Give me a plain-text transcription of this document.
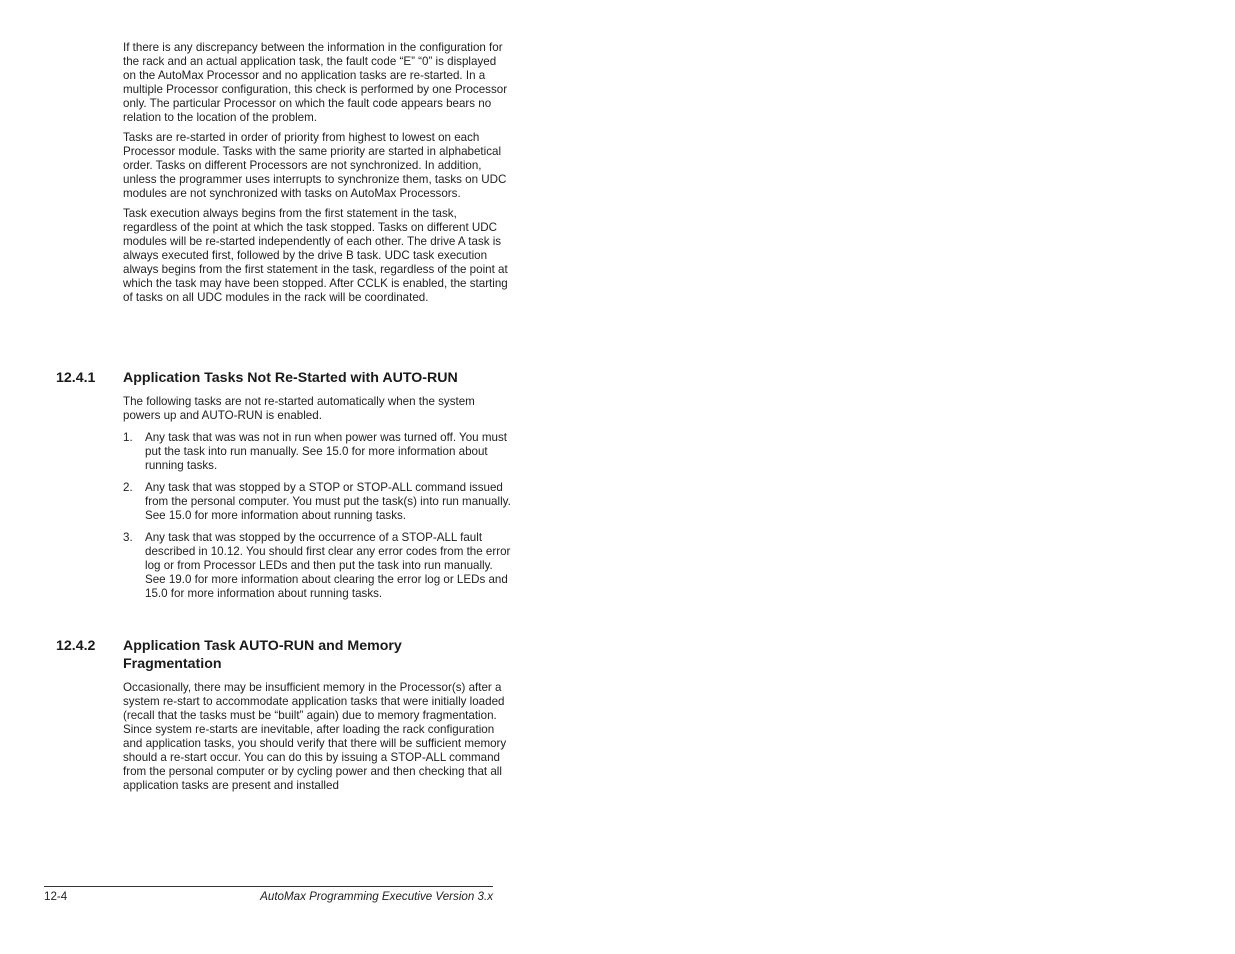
If there is any discrepancy between the information in the configuration for the rack and an actual application task, the fault code “E” “0” is displayed on the AutoMax Processor and no application tasks are re-started. In a multiple Processor configuration, this check is performed by one Processor only. The particular Processor on which the fault code appears bears no relation to the location of the problem.

Tasks are re-started in order of priority from highest to lowest on each Processor module. Tasks with the same priority are started in alphabetical order. Tasks on different Processors are not synchronized. In addition, unless the programmer uses interrupts to synchronize them, tasks on UDC modules are not synchronized with tasks on AutoMax Processors.

Task execution always begins from the first statement in the task, regardless of the point at which the task stopped. Tasks on different UDC modules will be re-started independently of each other. The drive A task is always executed first, followed by the drive B task. UDC task execution always begins from the first statement in the task, regardless of the point at which the task may have been stopped. After CCLK is enabled, the starting of tasks on all UDC modules in the rack will be coordinated.

12.4.1 Application Tasks Not Re-Started with AUTO-RUN

The following tasks are not re-started automatically when the system powers up and AUTO-RUN is enabled.

1. Any task that was was not in run when power was turned off. You must put the task into run manually. See 15.0 for more information about running tasks.
2. Any task that was stopped by a STOP or STOP-ALL command issued from the personal computer. You must put the task(s) into run manually. See 15.0 for more information about running tasks.
3. Any task that was stopped by the occurrence of a STOP-ALL fault described in 10.12. You should first clear any error codes from the error log or from Processor LEDs and then put the task into run manually. See 19.0 for more information about clearing the error log or LEDs and 15.0 for more information about running tasks.
12.4.2 Application Task AUTO-RUN and Memory Fragmentation

Occasionally, there may be insufficient memory in the Processor(s) after a system re-start to accommodate application tasks that were initially loaded (recall that the tasks must be “built” again) due to memory fragmentation. Since system re-starts are inevitable, after loading the rack configuration and application tasks, you should verify that there will be sufficient memory should a re-start occur. You can do this by issuing a STOP-ALL command from the personal computer or by cycling power and then checking that all application tasks are present and installed

12-4	AutoMax Programming Executive Version 3.x
